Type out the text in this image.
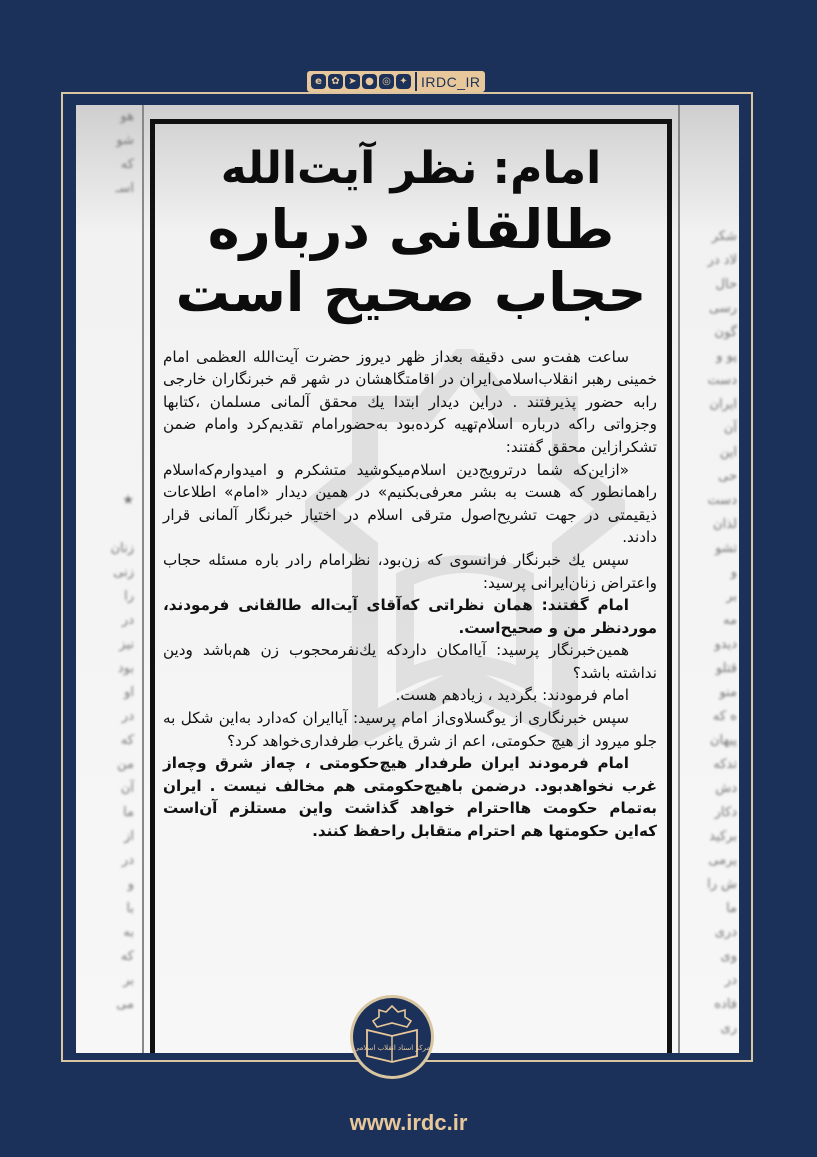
e ✿ ➤ ● ◎ ✦ IRDC_IR
هو
شو
که
اسـ

★

زنان
زنی
را
در
نیز
بود
او
در
که
من
آن
ما
از
در
و
با
به
که
بر
می

شکر
لاد در
حال
رسی
گون
پو و
دست
ایران
آن
این
حی
دست
لذان
تشو
و
بر
مه
دیدو
قتلو
منو
ه که
پیهان
تدکه
دش
دکار
برکید
یرمی
ش را
ما
دری
وی
در
فاده
ری
امام: نظر آیت‌الله
طالقانی درباره
حجاب صحیح است

ساعت هفت‌و سی دقیقه بعداز ظهر دیروز حضرت آیت‌الله العظمی امام خمینی رهبر انقلاب‌اسلامی‌ایران در اقامتگاهشان در شهر قم خبرنگاران خارجی رابه حضور پذیرفتند . دراین دیدار ابتدا یك محقق آلمانی مسلمان ،کتابها وجزواتی راکه درباره اسلام‌تهیه کرده‌بود به‌حضورامام تقدیم‌کرد وامام ضمن تشکرازاین محقق گفتند:

«ازاین‌که شما درترویج‌دین اسلام‌میکوشید متشکرم و امیدوارم‌که‌اسلام راهمانطور که هست به بشر معرفی‌بکنیم» در همین دیدار «امام» اطلاعات ذیقیمتی در جهت تشریح‌اصول مترقی اسلام در اختیار خبرنگار آلمانی قرار دادند.

سپس یك خبرنگار فرانسوی که زن‌بود، نظرامام رادر باره مسئله حجاب واعتراض زنان‌ایرانی پرسید:

امام گفتند: همان نظراتی که‌آقای آیت‌اله طالقانی فرمودند، موردنظر من و صحیح‌است.

همین‌خبرنگار پرسید: آیاامکان داردکه یك‌نفرمحجوب زن هم‌باشد ودین نداشته باشد؟

امام فرمودند: بگردید ، زیادهم هست.

سپس خبرنگاری از یوگسلاوی‌از امام پرسید: آیاایران که‌دارد به‌این شکل به جلو میرود از هیچ حکومتی، اعم از شرق یاغرب طرفداری‌خواهد کرد؟

امام فرمودند ایران طرفدار هیچ‌حکومتی ، چه‌از شرق وچه‌از غرب نخواهدبود. درضمن باهیچ‌حکومتی هم مخالف نیست . ایران به‌تمام حکومت هااحترام خواهد گذاشت واین مستلزم آن‌است که‌این حکومتها هم احترام متقابل راحفظ کنند.

مرکز اسناد انقلاب اسلامی
www.irdc.ir
